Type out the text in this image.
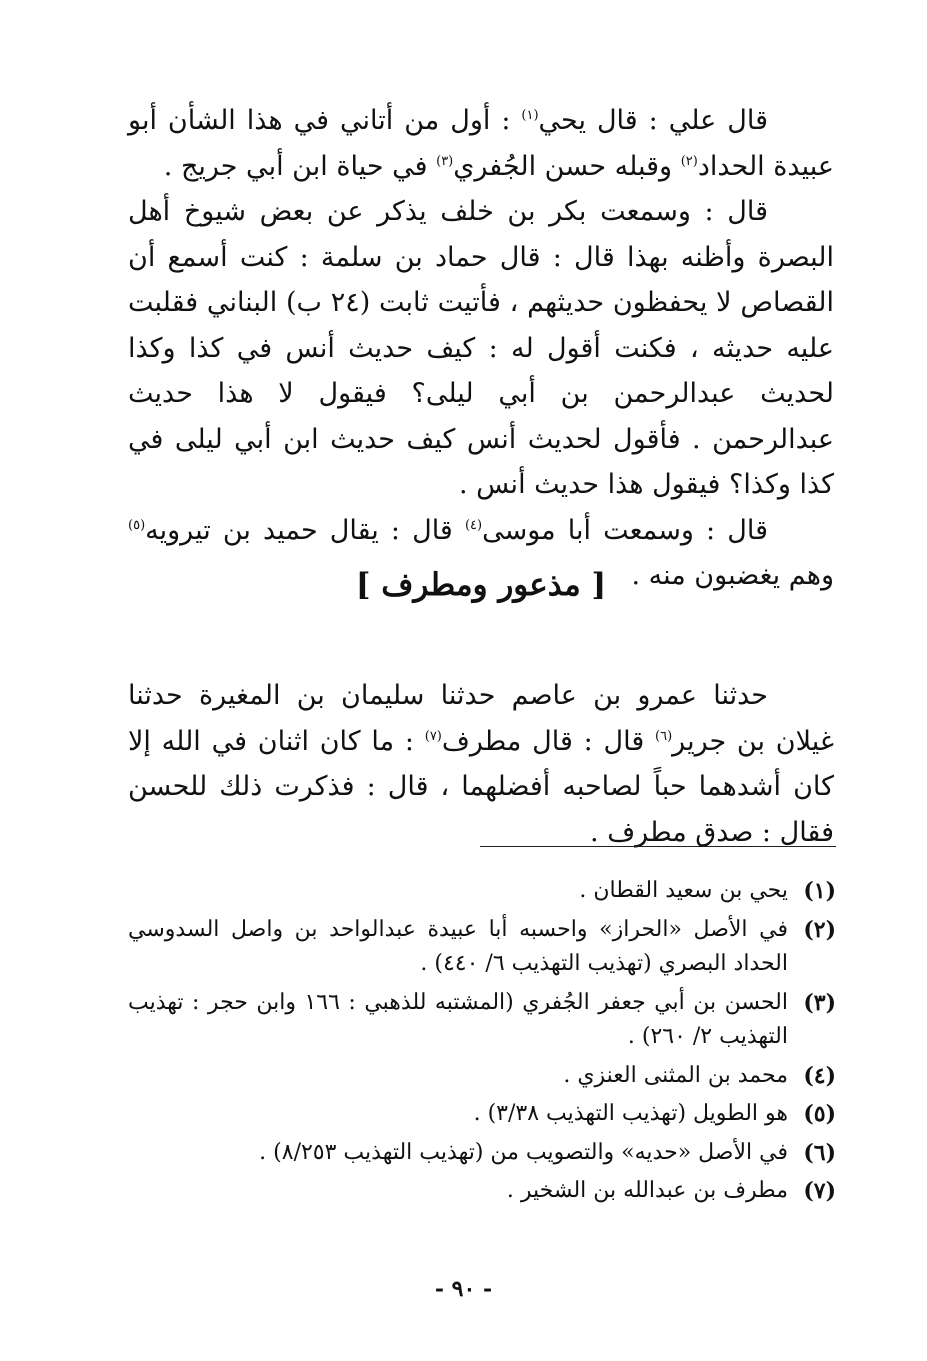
قال علي : قال يحي$^{(١)}$ : أول من أتاني في هذا الشأن أبو عبيدة الحداد$^{(٢)}$ وقبله حسن الجُفري$^{(٣)}$ في حياة ابن أبي جريج .

قال : وسمعت بكر بن خلف يذكر عن بعض شيوخ أهل البصرة وأظنه بهذا قال : قال حماد بن سلمة : كنت أسمع أن القصاص لا يحفظون حديثهم ، فأتيت ثابت (٢٤ ب) البناني فقلبت عليه حديثه ، فكنت أقول له : كيف حديث أنس في كذا وكذا لحديث عبدالرحمن بن أبي ليلى؟ فيقول لا هذا حديث عبدالرحمن . فأقول لحديث أنس كيف حديث ابن أبي ليلى في كذا وكذا؟ فيقول هذا حديث أنس .

قال : وسمعت أبا موسى$^{(٤)}$ قال : يقال حميد بن تيرويه$^{(٥)}$ وهم يغضبون منه .

[ مذعور ومطرف ]

حدثنا عمرو بن عاصم حدثنا سليمان بن المغيرة حدثنا غيلان بن جرير$^{(٦)}$ قال : قال مطرف$^{(٧)}$ : ما كان اثنان في الله إلا كان أشدهما حباً لصاحبه أفضلهما ، قال : فذكرت ذلك للحسن فقال : صدق مطرف .

(١)
يحي بن سعيد القطان .
(٢)
في الأصل «الحراز» واحسبه أبا عبيدة عبدالواحد بن واصل السدوسي الحداد البصري (تهذيب التهذيب ٦/ ٤٤٠) .
(٣)
الحسن بن أبي جعفر الجُفري (المشتبه للذهبي : ١٦٦ وابن حجر : تهذيب التهذيب ٢/ ٢٦٠) .
(٤)
محمد بن المثنى العنزي .
(٥)
هو الطويل (تهذيب التهذيب ٣/٣٨) .
(٦)
في الأصل «حديه» والتصويب من (تهذيب التهذيب ٨/٢٥٣) .
(٧)
مطرف بن عبدالله بن الشخير .
- ٩٠ -
